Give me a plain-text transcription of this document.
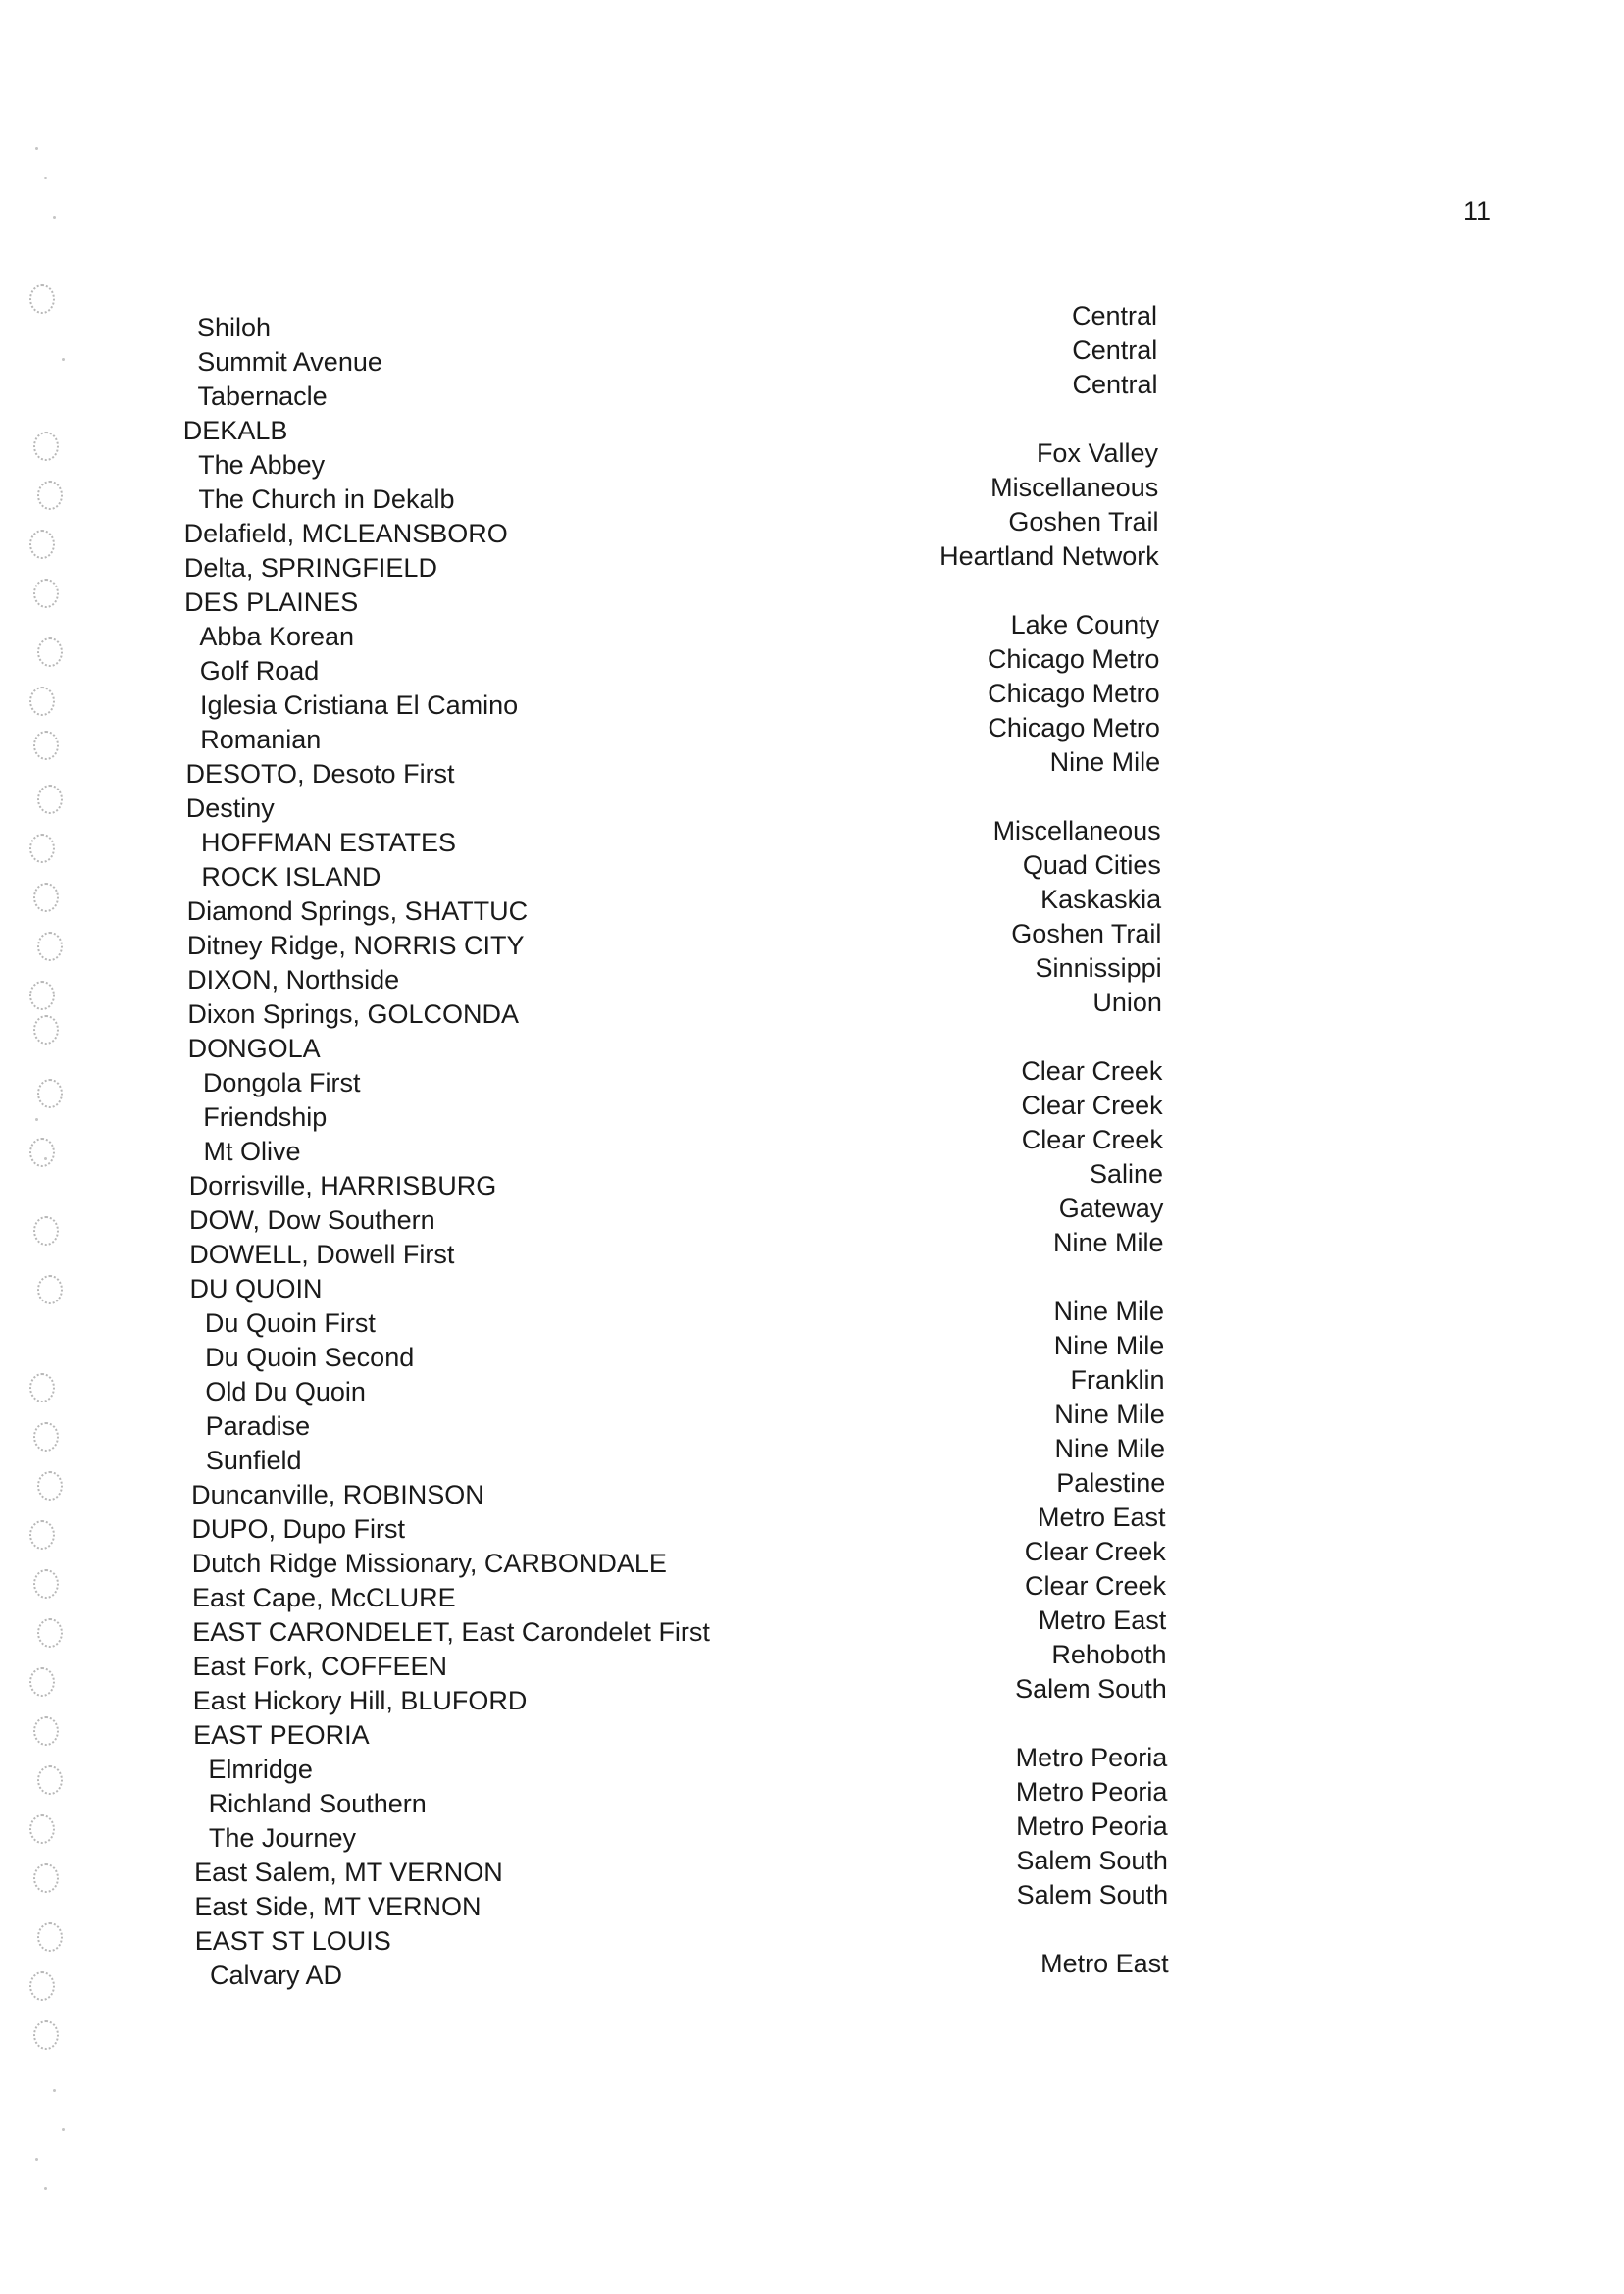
11
Shiloh	Central
Summit Avenue	Central
Tabernacle	Central
DEKALB
The Abbey	Fox Valley
The Church in Dekalb	Miscellaneous
Delafield, MCLEANSBORO	Goshen Trail
Delta, SPRINGFIELD	Heartland Network
DES PLAINES
Abba Korean	Lake County
Golf Road	Chicago Metro
Iglesia Cristiana El Camino	Chicago Metro
Romanian	Chicago Metro
DESOTO, Desoto First	Nine Mile
Destiny
HOFFMAN ESTATES	Miscellaneous
ROCK ISLAND	Quad Cities
Diamond Springs, SHATTUC	Kaskaskia
Ditney Ridge, NORRIS CITY	Goshen Trail
DIXON, Northside	Sinnissippi
Dixon Springs, GOLCONDA	Union
DONGOLA
Dongola First	Clear Creek
Friendship	Clear Creek
Mt Olive	Clear Creek
Dorrisville, HARRISBURG	Saline
DOW, Dow Southern	Gateway
DOWELL, Dowell First	Nine Mile
DU QUOIN
Du Quoin First	Nine Mile
Du Quoin Second	Nine Mile
Old Du Quoin	Franklin
Paradise	Nine Mile
Sunfield	Nine Mile
Duncanville, ROBINSON	Palestine
DUPO, Dupo First	Metro East
Dutch Ridge Missionary, CARBONDALE	Clear Creek
East Cape, McCLURE	Clear Creek
EAST CARONDELET, East Carondelet First	Metro East
East Fork, COFFEEN	Rehoboth
East Hickory Hill, BLUFORD	Salem South
EAST PEORIA
Elmridge	Metro Peoria
Richland Southern	Metro Peoria
The Journey	Metro Peoria
East Salem, MT VERNON	Salem South
East Side, MT VERNON	Salem South
EAST ST LOUIS
Calvary AD	Metro East
